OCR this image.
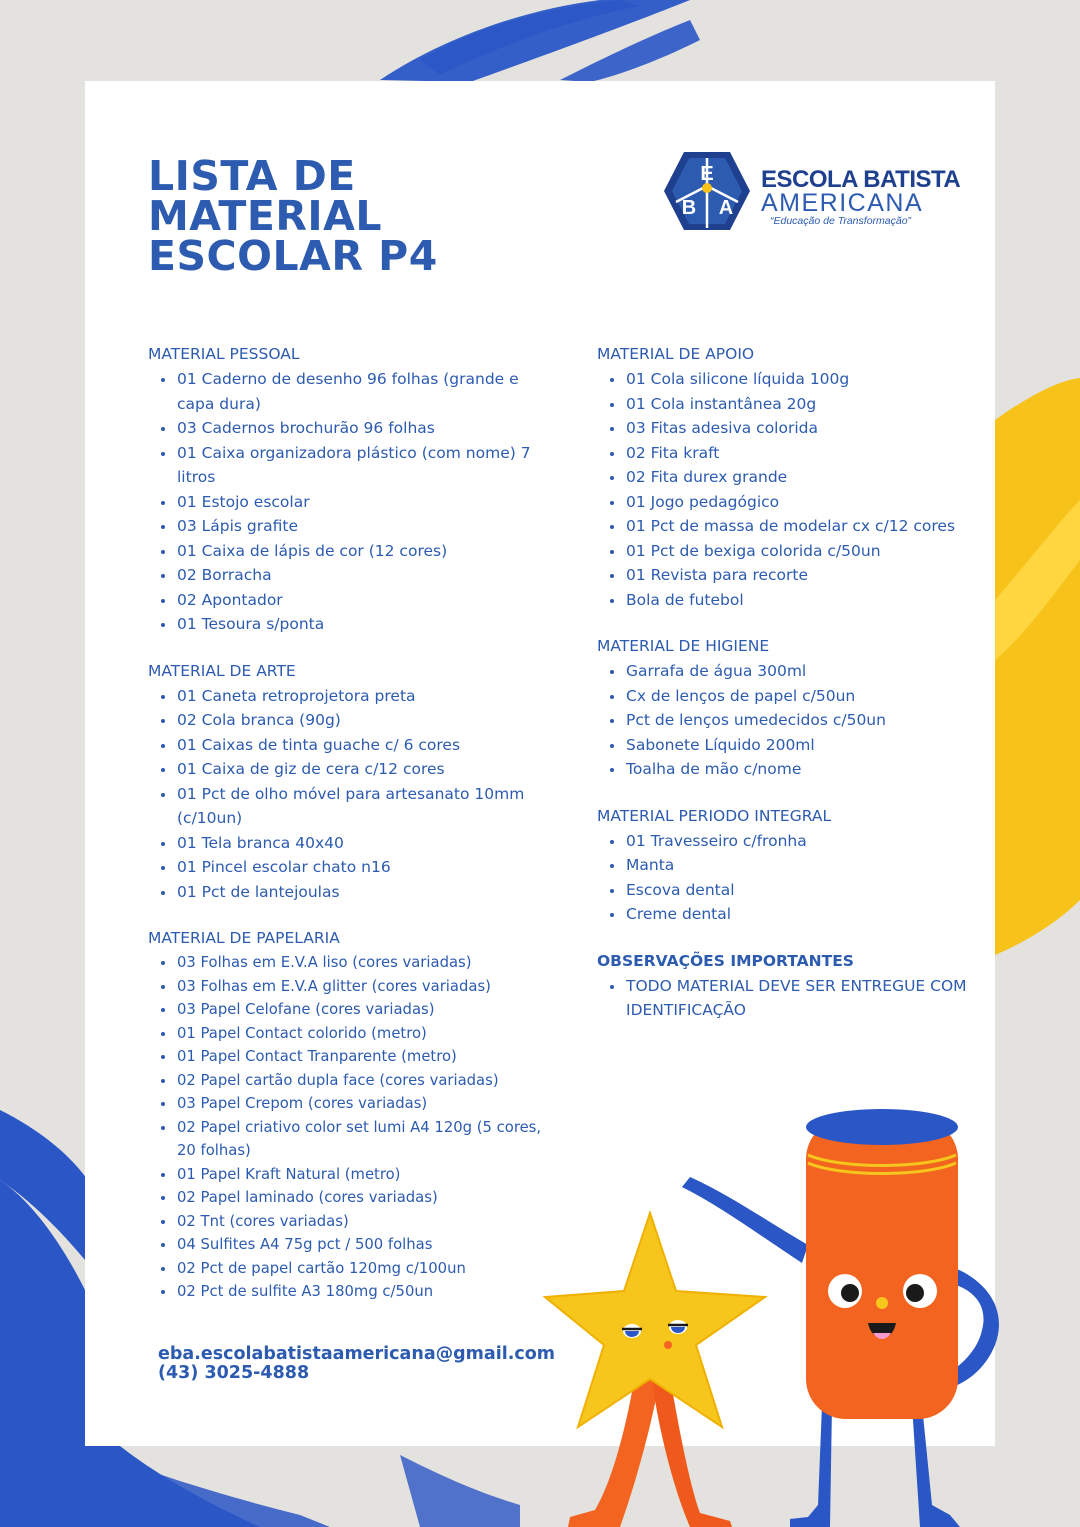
LISTA DE
MATERIAL
ESCOLAR P4
E
B A
ESCOLA BATISTA
AMERICANA
“Educação de Transformação”
MATERIAL PESSOAL
01 Caderno de desenho 96 folhas (grande e capa dura)
03 Cadernos brochurão 96 folhas
01 Caixa organizadora plástico (com nome) 7 litros
01 Estojo escolar
03 Lápis grafite
01 Caixa de lápis de cor (12 cores)
02 Borracha
02 Apontador
01 Tesoura s/ponta
MATERIAL DE ARTE
01 Caneta retroprojetora preta
02 Cola branca (90g)
01 Caixas de tinta guache c/ 6 cores
01 Caixa de giz de cera c/12 cores
01 Pct de olho móvel para artesanato 10mm (c/10un)
01 Tela branca 40x40
01 Pincel escolar chato n16
01 Pct de lantejoulas
MATERIAL DE PAPELARIA
03 Folhas em E.V.A liso (cores variadas)
03 Folhas em E.V.A glitter (cores variadas)
03 Papel Celofane (cores variadas)
01 Papel Contact colorido (metro)
01 Papel Contact Tranparente (metro)
02 Papel cartão dupla face (cores variadas)
03 Papel Crepom (cores variadas)
02 Papel criativo color set lumi A4 120g (5 cores, 20 folhas)
01 Papel Kraft Natural (metro)
02 Papel laminado (cores variadas)
02 Tnt (cores variadas)
04 Sulfites A4 75g pct / 500 folhas
02 Pct de papel cartão 120mg c/100un
02 Pct de sulfite A3 180mg c/50un
MATERIAL DE APOIO
01 Cola silicone líquida 100g
01 Cola instantânea 20g
03 Fitas adesiva colorida
02 Fita kraft
02 Fita durex grande
01 Jogo pedagógico
01 Pct de massa de modelar cx c/12 cores
01 Pct de bexiga colorida c/50un
01 Revista para recorte
Bola de futebol
MATERIAL DE HIGIENE
Garrafa de água 300ml
Cx de lenços de papel c/50un
Pct de lenços umedecidos c/50un
Sabonete Líquido 200ml
Toalha de mão c/nome
MATERIAL PERIODO INTEGRAL
01 Travesseiro c/fronha
Manta
Escova dental
Creme dental
OBSERVAÇÕES IMPORTANTES
TODO MATERIAL DEVE SER ENTREGUE COM IDENTIFICAÇÃO
eba.escolabatistaamericana@gmail.com
(43) 3025-4888
